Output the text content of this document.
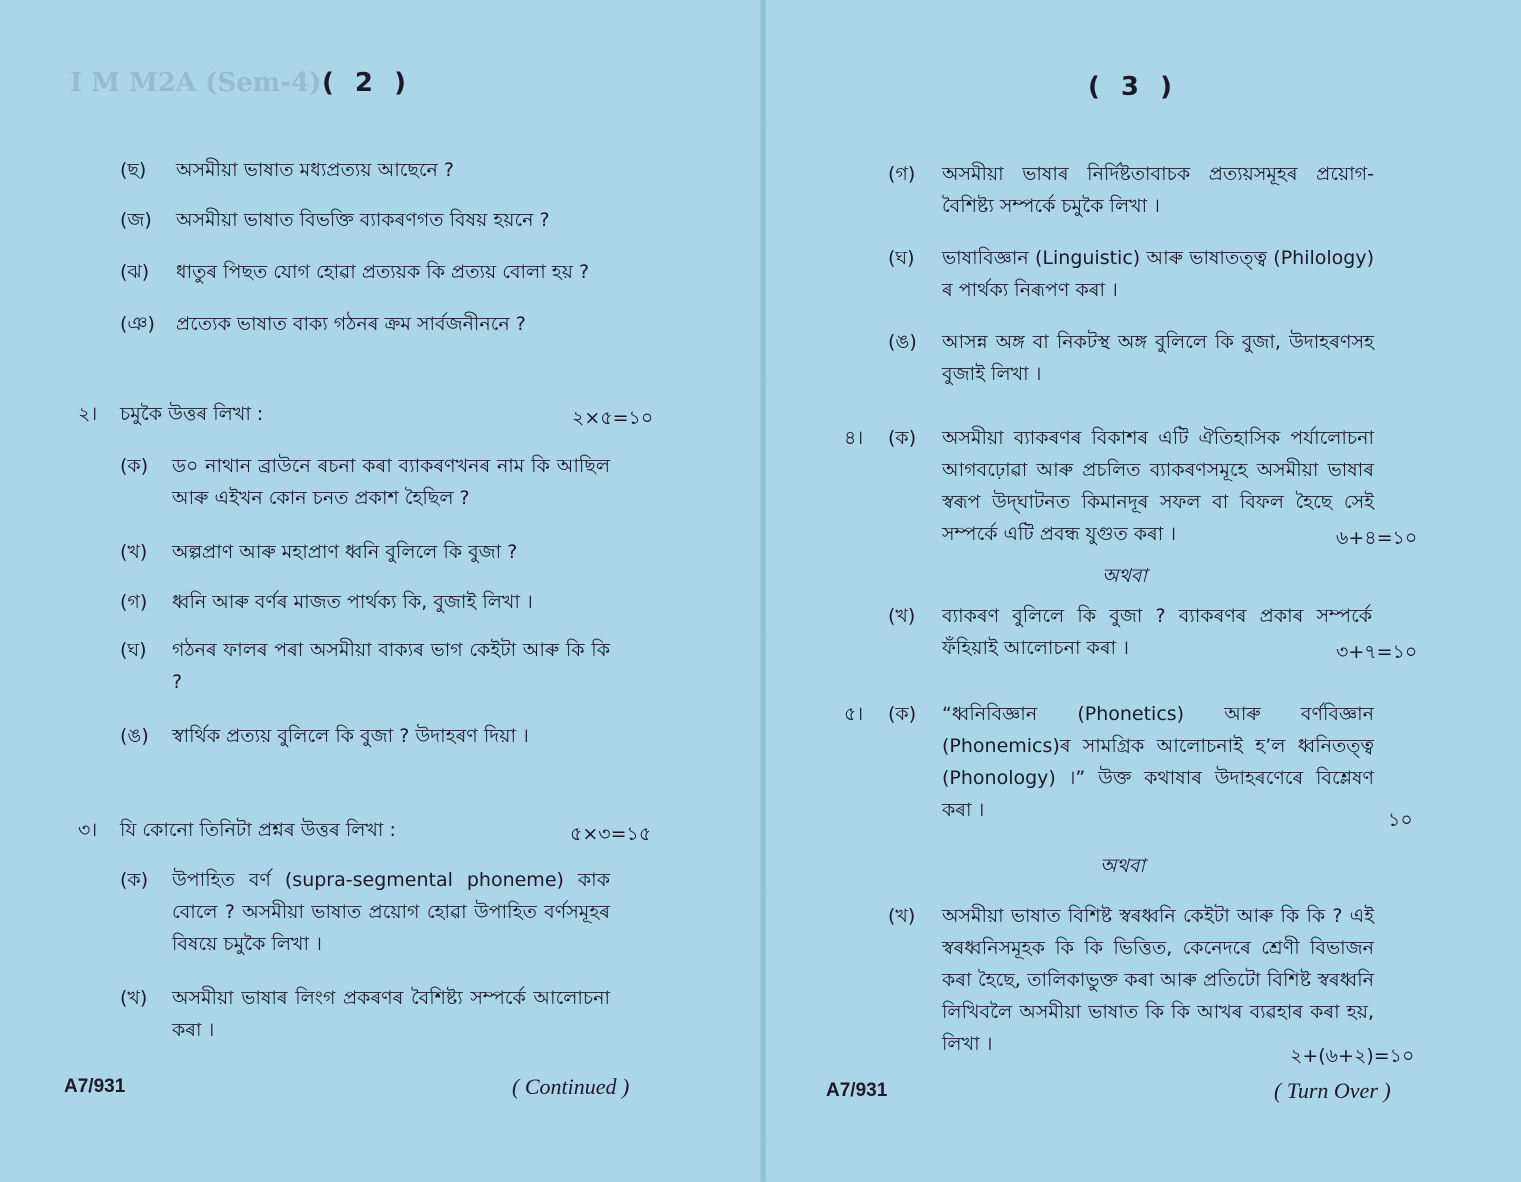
I M M2A (Sem-4) ( 2 )
(ছ)	অসমীয়া ভাষাত মধ্যপ্ৰত্যয় আছেনে ?
(জ)	অসমীয়া ভাষাত বিভক্তি ব্যাকৰণগত বিষয় হয়নে ?
(ঝ)	ধাতুৰ পিছত যোগ হোৱা প্ৰত্যয়ক কি প্ৰত্যয় বোলা হয় ?
(ঞ)	প্ৰত্যেক ভাষাত বাক্য গঠনৰ ক্ৰম সাৰ্বজনীননে ?
২।	চমুকৈ উত্তৰ লিখা :	২×৫=১০
(ক)	ড০ নাথান ব্ৰাউনে ৰচনা কৰা ব্যাকৰণখনৰ নাম কি আছিল আৰু এইখন কোন চনত প্ৰকাশ হৈছিল ?
(খ)	অল্পপ্ৰাণ আৰু মহাপ্ৰাণ ধ্বনি বুলিলে কি বুজা ?
(গ)	ধ্বনি আৰু বৰ্ণৰ মাজত পাৰ্থক্য কি, বুজাই লিখা ।
(ঘ)	গঠনৰ ফালৰ পৰা অসমীয়া বাক্যৰ ভাগ কেইটা আৰু কি কি ?
(ঙ)	স্বাৰ্থিক প্ৰত্যয় বুলিলে কি বুজা ? উদাহৰণ দিয়া ।
৩।	যি কোনো তিনিটা প্ৰশ্নৰ উত্তৰ লিখা :	৫×৩=১৫
(ক)	উপাহিত বৰ্ণ (supra-segmental phoneme) কাক বোলে ? অসমীয়া ভাষাত প্ৰয়োগ হোৱা উপাহিত বৰ্ণসমূহৰ বিষয়ে চমুকৈ লিখা ।
(খ)	অসমীয়া ভাষাৰ লিংগ প্ৰকৰণৰ বৈশিষ্ট্য সম্পৰ্কে আলোচনা কৰা ।
A7/931	( Continued )
( 3 )
(গ)	অসমীয়া ভাষাৰ নিৰ্দিষ্টতাবাচক প্ৰত্যয়সমূহৰ প্ৰয়োগ-বৈশিষ্ট্য সম্পৰ্কে চমুকৈ লিখা ।
(ঘ)	ভাষাবিজ্ঞান (Linguistic) আৰু ভাষাতত্ত্ব (Philology) ৰ পাৰ্থক্য নিৰূপণ কৰা ।
(ঙ)	আসন্ন অঙ্গ বা নিকটস্থ অঙ্গ বুলিলে কি বুজা, উদাহৰণসহ বুজাই লিখা ।
৪।	(ক)	অসমীয়া ব্যাকৰণৰ বিকাশৰ এটি ঐতিহাসিক পৰ্যালোচনা আগবঢ়োৱা আৰু প্ৰচলিত ব্যাকৰণসমূহে অসমীয়া ভাষাৰ স্বৰূপ উদ্‌ঘাটনত কিমানদূৰ সফল বা বিফল হৈছে সেই সম্পৰ্কে এটি প্ৰবন্ধ যুগুত কৰা ।	৬+৪=১০
অথবা
(খ)	ব্যাকৰণ বুলিলে কি বুজা ? ব্যাকৰণৰ প্ৰকাৰ সম্পৰ্কে ফঁহিয়াই আলোচনা কৰা ।	৩+৭=১০
৫।	(ক)	“ধ্বনিবিজ্ঞান (Phonetics) আৰু বৰ্ণবিজ্ঞান (Phonemics)ৰ সামগ্ৰিক আলোচনাই হ’ল ধ্বনিতত্ত্ব (Phonology) ।” উক্ত কথাষাৰ উদাহৰণেৰে বিশ্লেষণ কৰা ।	১০
অথবা
(খ)	অসমীয়া ভাষাত বিশিষ্ট স্বৰধ্বনি কেইটা আৰু কি কি ? এই স্বৰধ্বনিসমূহক কি কি ভিত্তিত, কেনেদৰে শ্ৰেণী বিভাজন কৰা হৈছে, তালিকাভুক্ত কৰা আৰু প্ৰতিটো বিশিষ্ট স্বৰধ্বনি লিখিবলৈ অসমীয়া ভাষাত কি কি আখৰ ব্যৱহাৰ কৰা হয়, লিখা ।
২+(৬+২)=১০
A7/931	( Turn Over )
